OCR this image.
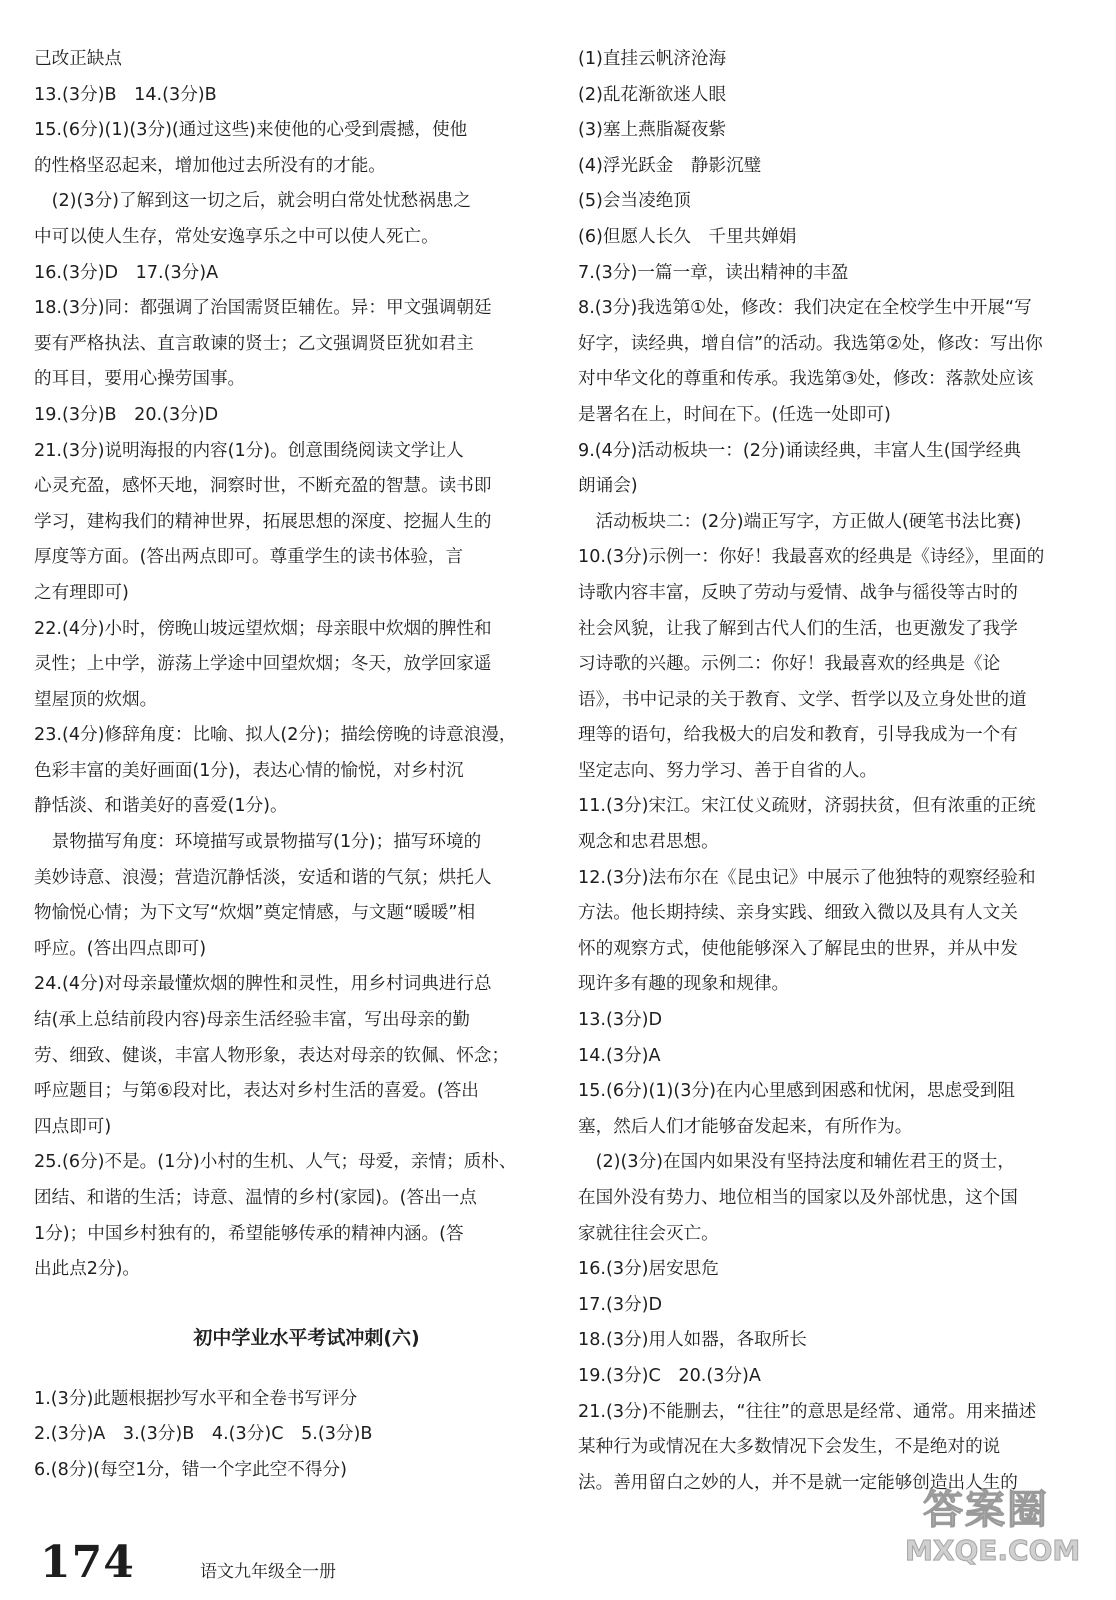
己改正缺点
13.(3分)B　14.(3分)B
15.(6分)(1)(3分)(通过这些)来使他的心受到震撼，使他
的性格坚忍起来，增加他过去所没有的才能。
　(2)(3分)了解到这一切之后，就会明白常处忧愁祸患之
中可以使人生存，常处安逸享乐之中可以使人死亡。
16.(3分)D　17.(3分)A
18.(3分)同：都强调了治国需贤臣辅佐。异：甲文强调朝廷
要有严格执法、直言敢谏的贤士；乙文强调贤臣犹如君主
的耳目，要用心操劳国事。
19.(3分)B　20.(3分)D
21.(3分)说明海报的内容(1分)。创意围绕阅读文学让人
心灵充盈，感怀天地，洞察时世，不断充盈的智慧。读书即
学习，建构我们的精神世界，拓展思想的深度、挖掘人生的
厚度等方面。(答出两点即可。尊重学生的读书体验，言
之有理即可)
22.(4分)小时，傍晚山坡远望炊烟；母亲眼中炊烟的脾性和
灵性；上中学，游荡上学途中回望炊烟；冬天，放学回家遥
望屋顶的炊烟。
23.(4分)修辞角度：比喻、拟人(2分)；描绘傍晚的诗意浪漫，
色彩丰富的美好画面(1分)，表达心情的愉悦，对乡村沉
静恬淡、和谐美好的喜爱(1分)。
　景物描写角度：环境描写或景物描写(1分)；描写环境的
美妙诗意、浪漫；营造沉静恬淡，安适和谐的气氛；烘托人
物愉悦心情；为下文写“炊烟”奠定情感，与文题“暖暖”相
呼应。(答出四点即可)
24.(4分)对母亲最懂炊烟的脾性和灵性，用乡村词典进行总
结(承上总结前段内容)母亲生活经验丰富，写出母亲的勤
劳、细致、健谈，丰富人物形象，表达对母亲的钦佩、怀念；
呼应题目；与第⑥段对比，表达对乡村生活的喜爱。(答出
四点即可)
25.(6分)不是。(1分)小村的生机、人气；母爱，亲情；质朴、
团结、和谐的生活；诗意、温情的乡村(家园)。(答出一点
1分)；中国乡村独有的，希望能够传承的精神内涵。(答
出此点2分)。
初中学业水平考试冲刺(六)
1.(3分)此题根据抄写水平和全卷书写评分
2.(3分)A　3.(3分)B　4.(3分)C　5.(3分)B
6.(8分)(每空1分，错一个字此空不得分)
(1)直挂云帆济沧海
(2)乱花渐欲迷人眼
(3)塞上燕脂凝夜紫
(4)浮光跃金　静影沉璧
(5)会当凌绝顶
(6)但愿人长久　千里共婵娟
7.(3分)一篇一章，读出精神的丰盈
8.(3分)我选第①处，修改：我们决定在全校学生中开展“写
好字，读经典，增自信”的活动。我选第②处，修改：写出你
对中华文化的尊重和传承。我选第③处，修改：落款处应该
是署名在上，时间在下。(任选一处即可)
9.(4分)活动板块一：(2分)诵读经典，丰富人生(国学经典
朗诵会)
　活动板块二：(2分)端正写字，方正做人(硬笔书法比赛)
10.(3分)示例一：你好！我最喜欢的经典是《诗经》，里面的
诗歌内容丰富，反映了劳动与爱情、战争与徭役等古时的
社会风貌，让我了解到古代人们的生活，也更激发了我学
习诗歌的兴趣。示例二：你好！我最喜欢的经典是《论
语》，书中记录的关于教育、文学、哲学以及立身处世的道
理等的语句，给我极大的启发和教育，引导我成为一个有
坚定志向、努力学习、善于自省的人。
11.(3分)宋江。宋江仗义疏财，济弱扶贫，但有浓重的正统
观念和忠君思想。
12.(3分)法布尔在《昆虫记》中展示了他独特的观察经验和
方法。他长期持续、亲身实践、细致入微以及具有人文关
怀的观察方式，使他能够深入了解昆虫的世界，并从中发
现许多有趣的现象和规律。
13.(3分)D
14.(3分)A
15.(6分)(1)(3分)在内心里感到困惑和忧闲，思虑受到阻
塞，然后人们才能够奋发起来，有所作为。
　(2)(3分)在国内如果没有坚持法度和辅佐君王的贤士，
在国外没有势力、地位相当的国家以及外部忧患，这个国
家就往往会灭亡。
16.(3分)居安思危
17.(3分)D
18.(3分)用人如器，各取所长
19.(3分)C　20.(3分)A
21.(3分)不能删去，“往往”的意思是经常、通常。用来描述
某种行为或情况在大多数情况下会发生，不是绝对的说
法。善用留白之妙的人，并不是就一定能够创造出人生的
174	语文九年级全一册
答案圈
MXQE.COM
